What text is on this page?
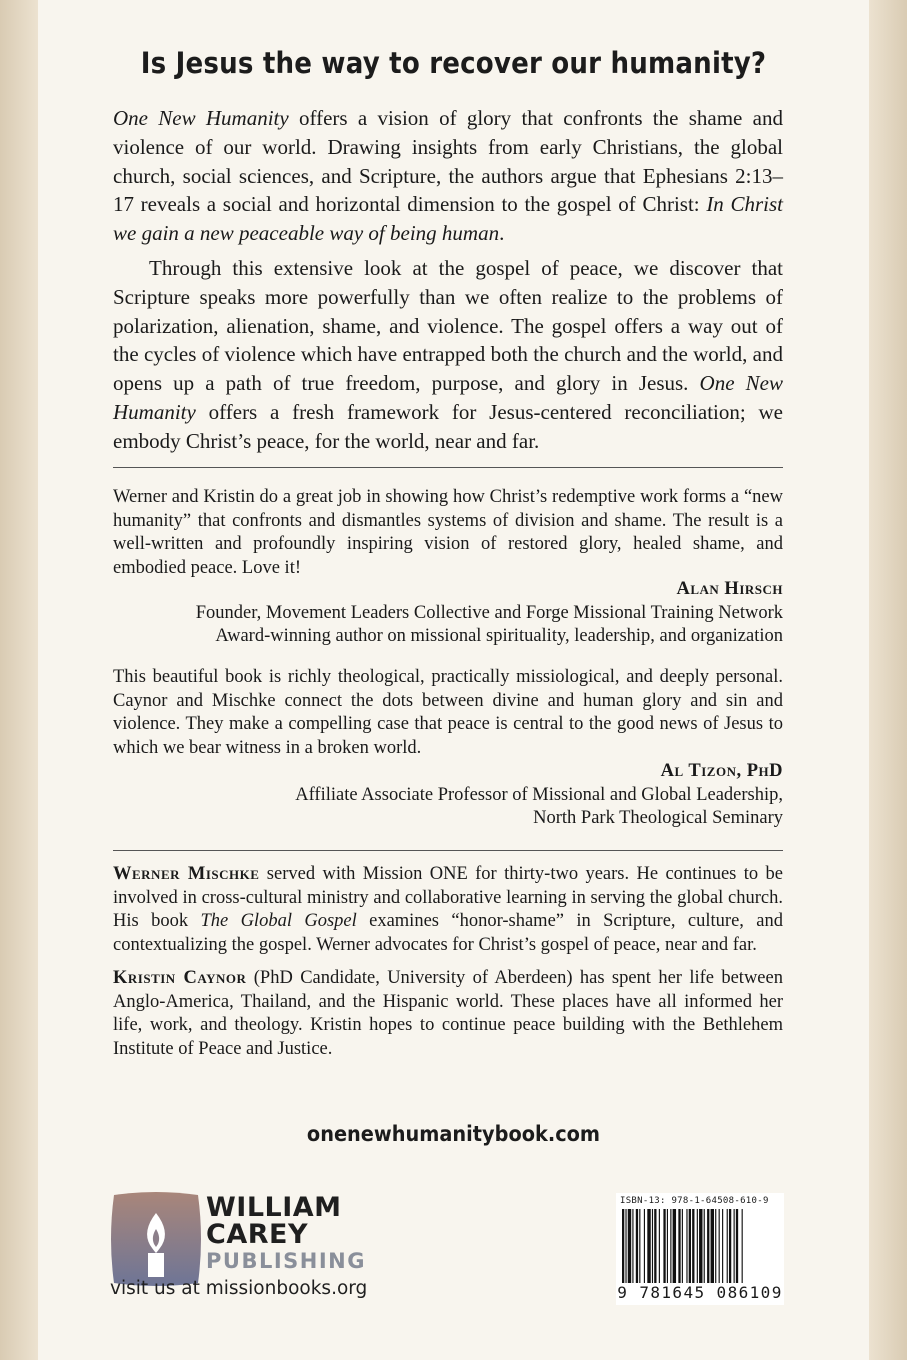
Is Jesus the way to recover our humanity?

One New Humanity offers a vision of glory that confronts the shame and violence of our world. Drawing insights from early Christians, the global church, social sciences, and Scripture, the authors argue that Ephesians 2:13–17 reveals a social and horizontal dimension to the gospel of Christ: In Christ we gain a new peaceable way of being human.

Through this extensive look at the gospel of peace, we discover that Scripture speaks more powerfully than we often realize to the problems of polarization, alienation, shame, and violence. The gospel offers a way out of the cycles of violence which have entrapped both the church and the world, and opens up a path of true freedom, purpose, and glory in Jesus. One New Humanity offers a fresh framework for Jesus-centered reconciliation; we embody Christ’s peace, for the world, near and far.

Werner and Kristin do a great job in showing how Christ’s redemptive work forms a “new humanity” that confronts and dismantles systems of division and shame. The result is a well-written and profoundly inspiring vision of restored glory, healed shame, and embodied peace. Love it!

Alan Hirsch
Founder, Movement Leaders Collective and Forge Missional Training Network
Award-winning author on missional spirituality, leadership, and organization

This beautiful book is richly theological, practically missiological, and deeply personal. Caynor and Mischke connect the dots between divine and human glory and sin and violence. They make a compelling case that peace is central to the good news of Jesus to which we bear witness in a broken world.

Al Tizon, PhD
Affiliate Associate Professor of Missional and Global Leadership,
North Park Theological Seminary

Werner Mischke served with Mission ONE for thirty-two years. He continues to be involved in cross-cultural ministry and collaborative learning in serving the global church. His book The Global Gospel examines “honor-shame” in Scripture, culture, and contextualizing the gospel. Werner advocates for Christ’s gospel of peace, near and far.

Kristin Caynor (PhD Candidate, University of Aberdeen) has spent her life between Anglo-America, Thailand, and the Hispanic world. These places have all informed her life, work, and theology. Kristin hopes to continue peace building with the Bethlehem Institute of Peace and Justice.

onenewhumanitybook.com
WILLIAM
CAREY
PUBLISHING
visit us at missionbooks.org
ISBN-13: 978-1-64508-610-9
9 781645 086109
